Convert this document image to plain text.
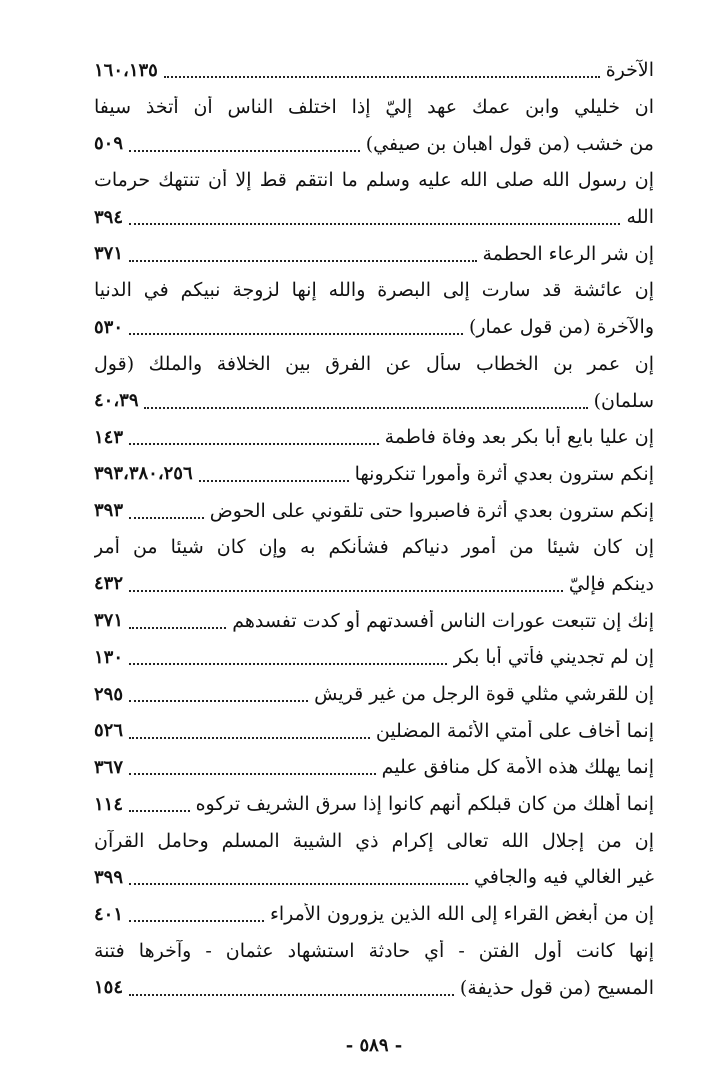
الآخرة
١٦٠،١٣٥
ان خليلي وابن عمك عهد إليّ إذا اختلف الناس أن أتخذ سيفا
من خشب (من قول اهبان بن صيفي)
٥٠٩
إن رسول الله صلى الله عليه وسلم ما انتقم قط إلا أن تنتهك حرمات
الله
٣٩٤
إن شر الرعاء الحطمة
٣٧١
إن عائشة قد سارت إلى البصرة والله إنها لزوجة نبيكم في الدنيا
والآخرة (من قول عمار)
٥٣٠
إن عمر بن الخطاب سأل عن الفرق بين الخلافة والملك (قول
سلمان)
٤٠،٣٩
إن عليا بايع أبا بكر بعد وفاة فاطمة
١٤٣
إنكم سترون بعدي أثرة وأمورا تنكرونها
٣٩٣،٣٨٠،٢٥٦
إنكم سترون بعدي أثرة فاصبروا حتى تلقوني على الحوض
٣٩٣
إن كان شيئا من أمور دنياكم فشأنكم به وإن كان شيئا من أمر
دينكم فإليّ
٤٣٢
إنك إن تتبعت عورات الناس أفسدتهم أو كدت تفسدهم
٣٧١
إن لم تجديني فأتي أبا بكر
١٣٠
إن للقرشي مثلي قوة الرجل من غير قريش
٢٩٥
إنما أخاف على أمتي الأئمة المضلين
٥٢٦
إنما يهلك هذه الأمة كل منافق عليم
٣٦٧
إنما أهلك من كان قبلكم أنهم كانوا إذا سرق الشريف تركوه
١١٤
إن من إجلال الله تعالى إكرام ذي الشيبة المسلم وحامل القرآن
غير الغالي فيه والجافي
٣٩٩
إن من أبغض القراء إلى الله الذين يزورون الأمراء
٤٠١
إنها كانت أول الفتن - أي حادثة استشهاد عثمان - وآخرها فتنة
المسيح (من قول حذيفة)
١٥٤
- ٥٨٩ -
